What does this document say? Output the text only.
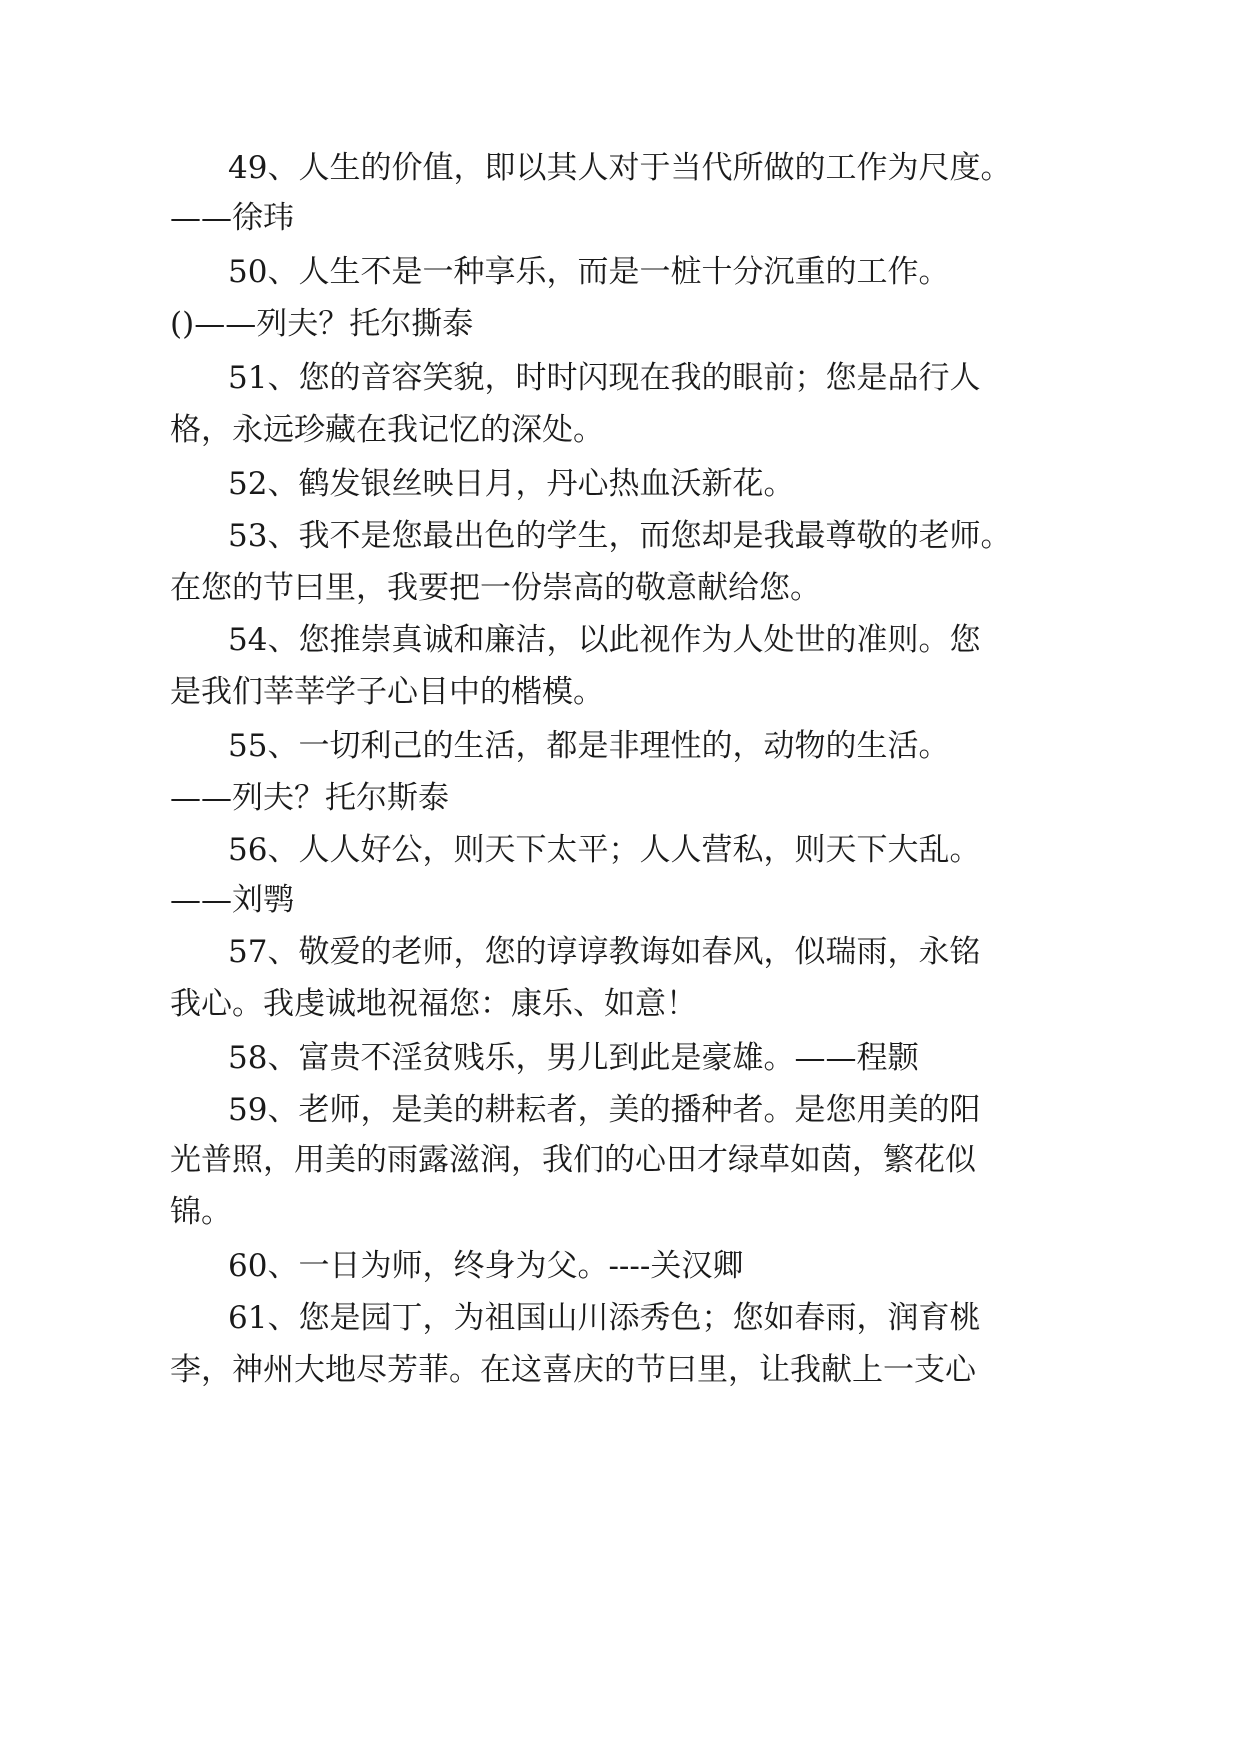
49、人生的价值，即以其人对于当代所做的工作为尺度。
——徐玮
50、人生不是一种享乐，而是一桩十分沉重的工作。
()——列夫？托尔撕泰
51、您的音容笑貌，时时闪现在我的眼前；您是品行人
格，永远珍藏在我记忆的深处。
52、鹤发银丝映日月，丹心热血沃新花。
53、我不是您最出色的学生，而您却是我最尊敬的老师。
在您的节曰里，我要把一份崇高的敬意献给您。
54、您推崇真诚和廉洁，以此视作为人处世的准则。您
是我们莘莘学子心目中的楷模。
55、一切利己的生活，都是非理性的，动物的生活。
——列夫？托尔斯泰
56、人人好公，则天下太平；人人营私，则天下大乱。
——刘鹗
57、敬爱的老师，您的谆谆教诲如春风，似瑞雨，永铭
我心。我虔诚地祝福您：康乐、如意！
58、富贵不淫贫贱乐，男儿到此是豪雄。——程颢
59、老师，是美的耕耘者，美的播种者。是您用美的阳
光普照，用美的雨露滋润，我们的心田才绿草如茵，繁花似
锦。
60、一日为师，终身为父。----关汉卿
61、您是园丁，为祖国山川添秀色；您如春雨，润育桃
李，神州大地尽芳菲。在这喜庆的节曰里，让我献上一支心
